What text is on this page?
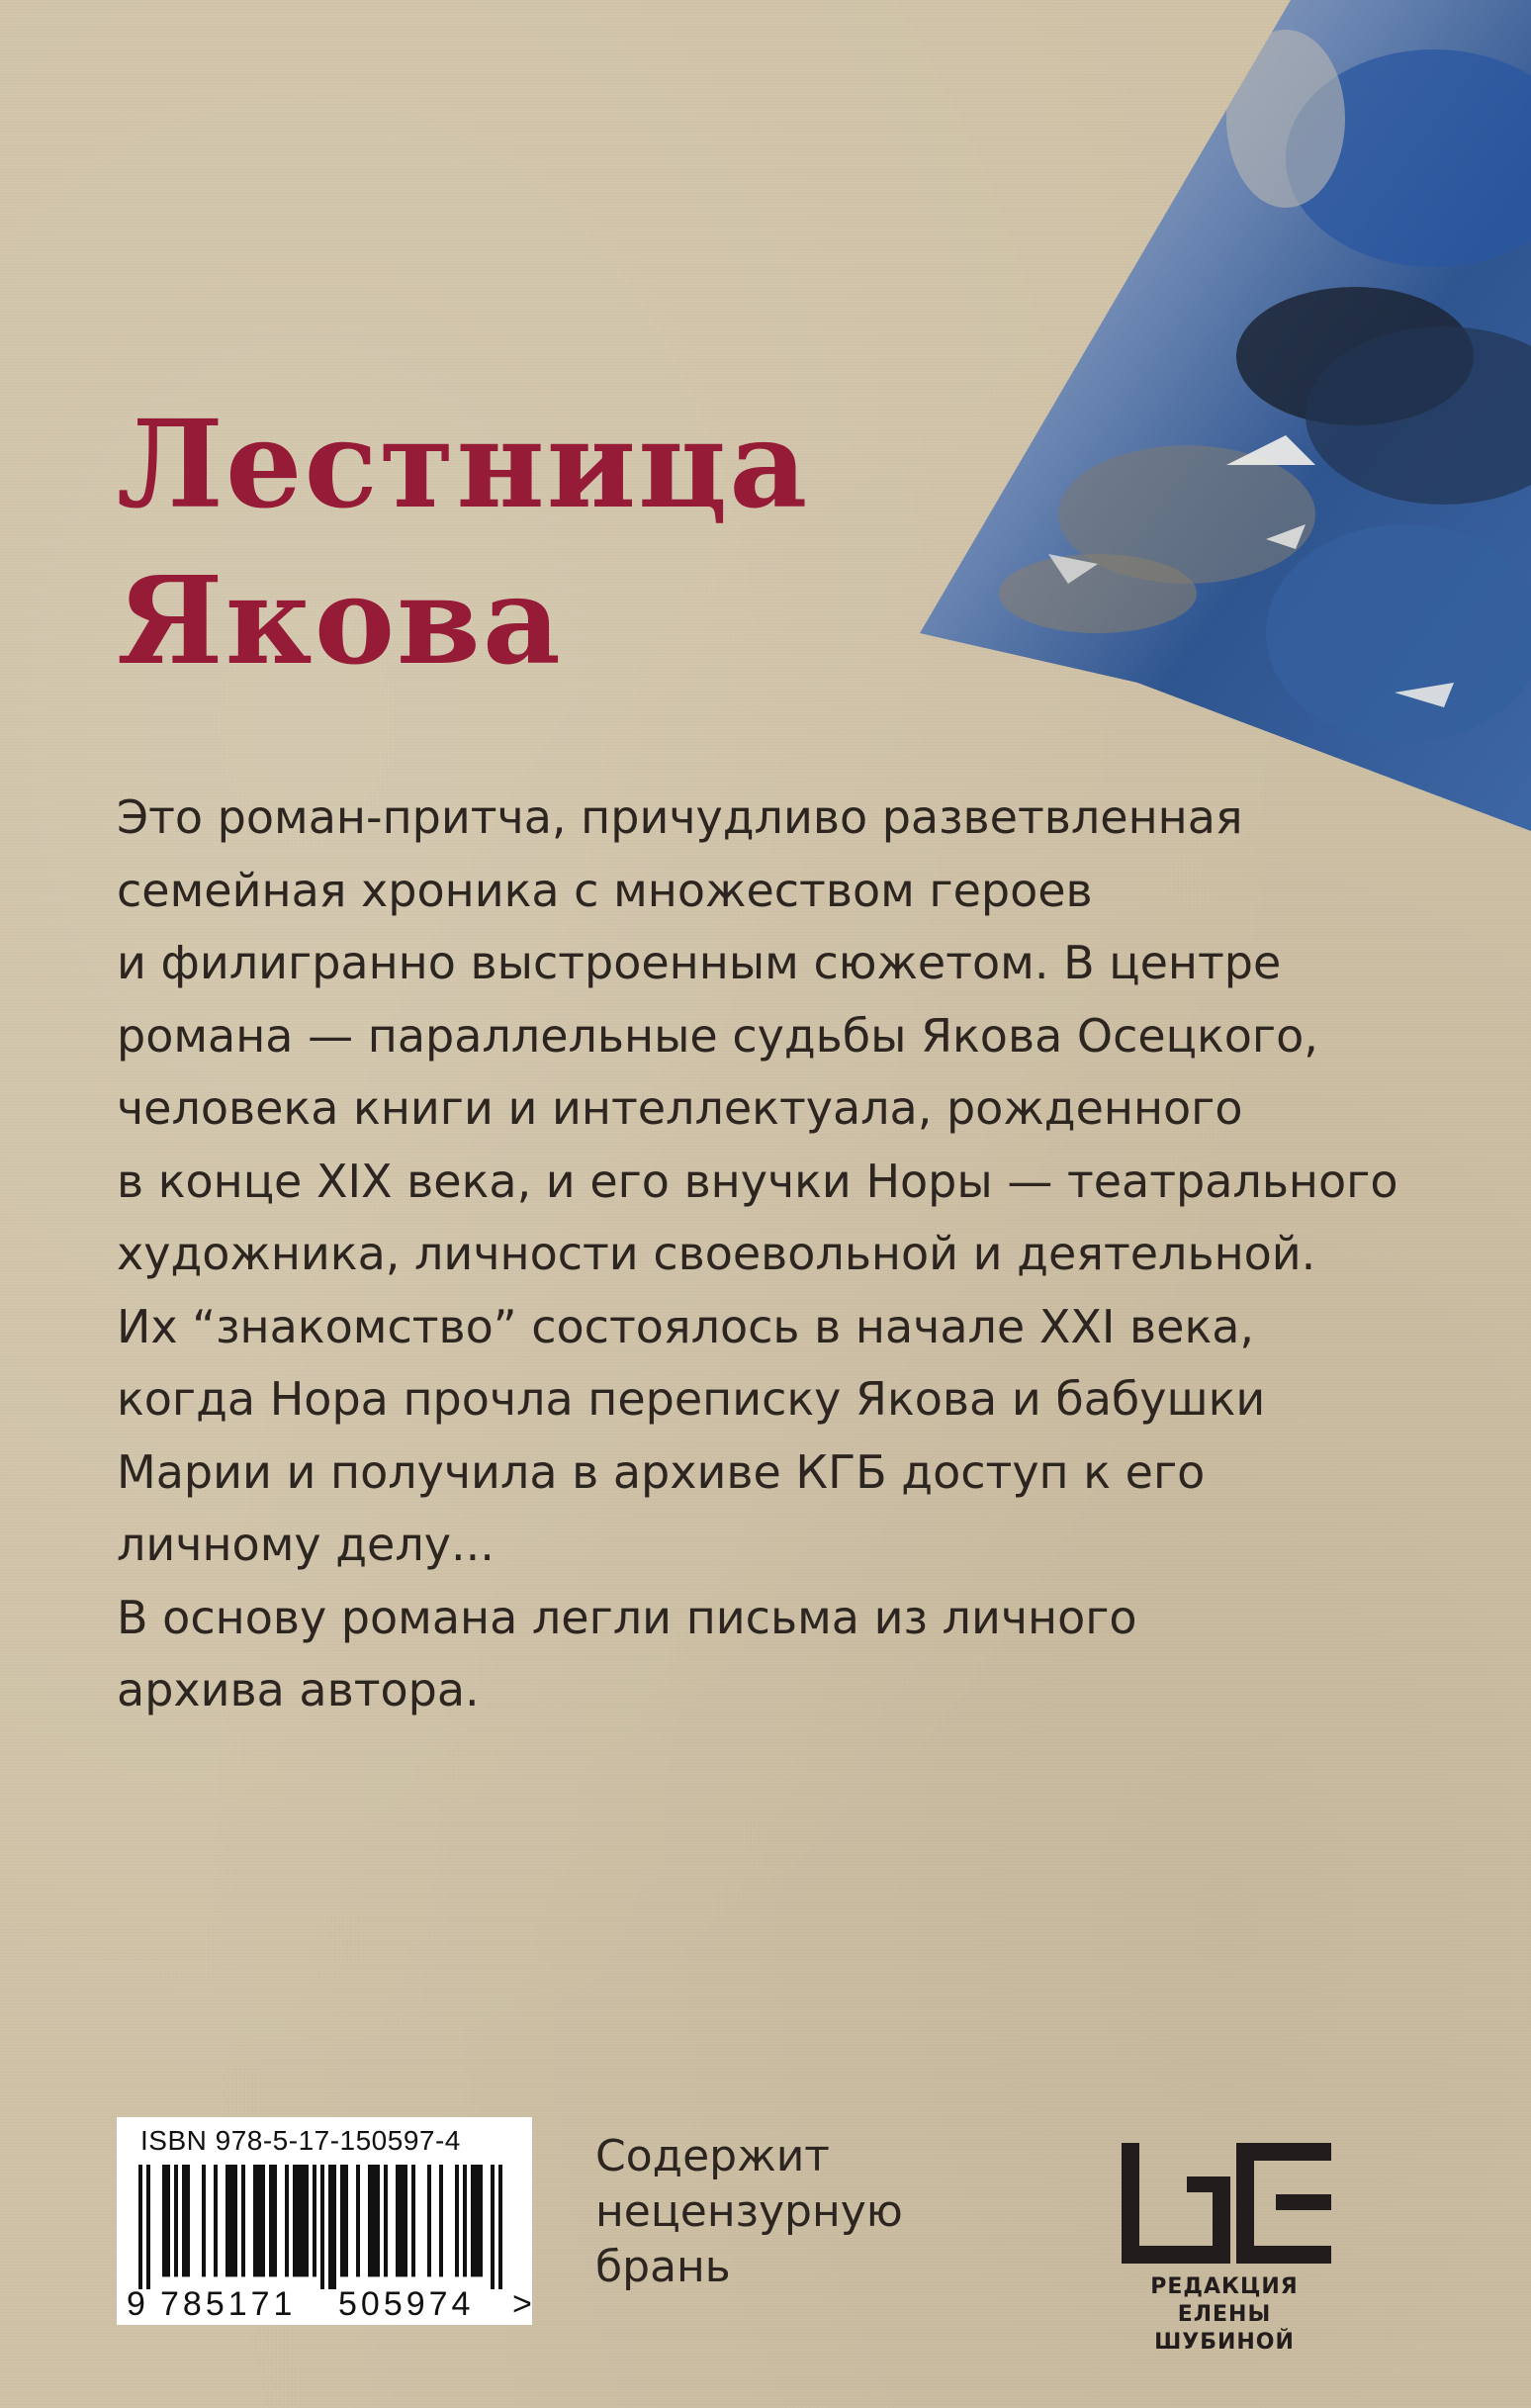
Лестница
Якова

Это роман-притча, причудливо разветвленная

семейная хроника с множеством героев

и филигранно выстроенным сюжетом. В центре

романа — параллельные судьбы Якова Осецкого,

человека книги и интеллектуала, рожденного

в конце XIX века, и его внучки Норы — театрального

художника, личности своевольной и деятельной.

Их “знакомство” состоялось в начале XXI века,

когда Нора прочла переписку Якова и бабушки

Марии и получила в архиве КГБ доступ к его

личному делу...

В основу романа легли письма из личного

архива автора.

ISBN 978-5-17-150597-4
9 785171 505974 >
Содержит
нецензурную
брань	РЕДАКЦИЯ
ЕЛЕНЫ ШУБИНОЙ
